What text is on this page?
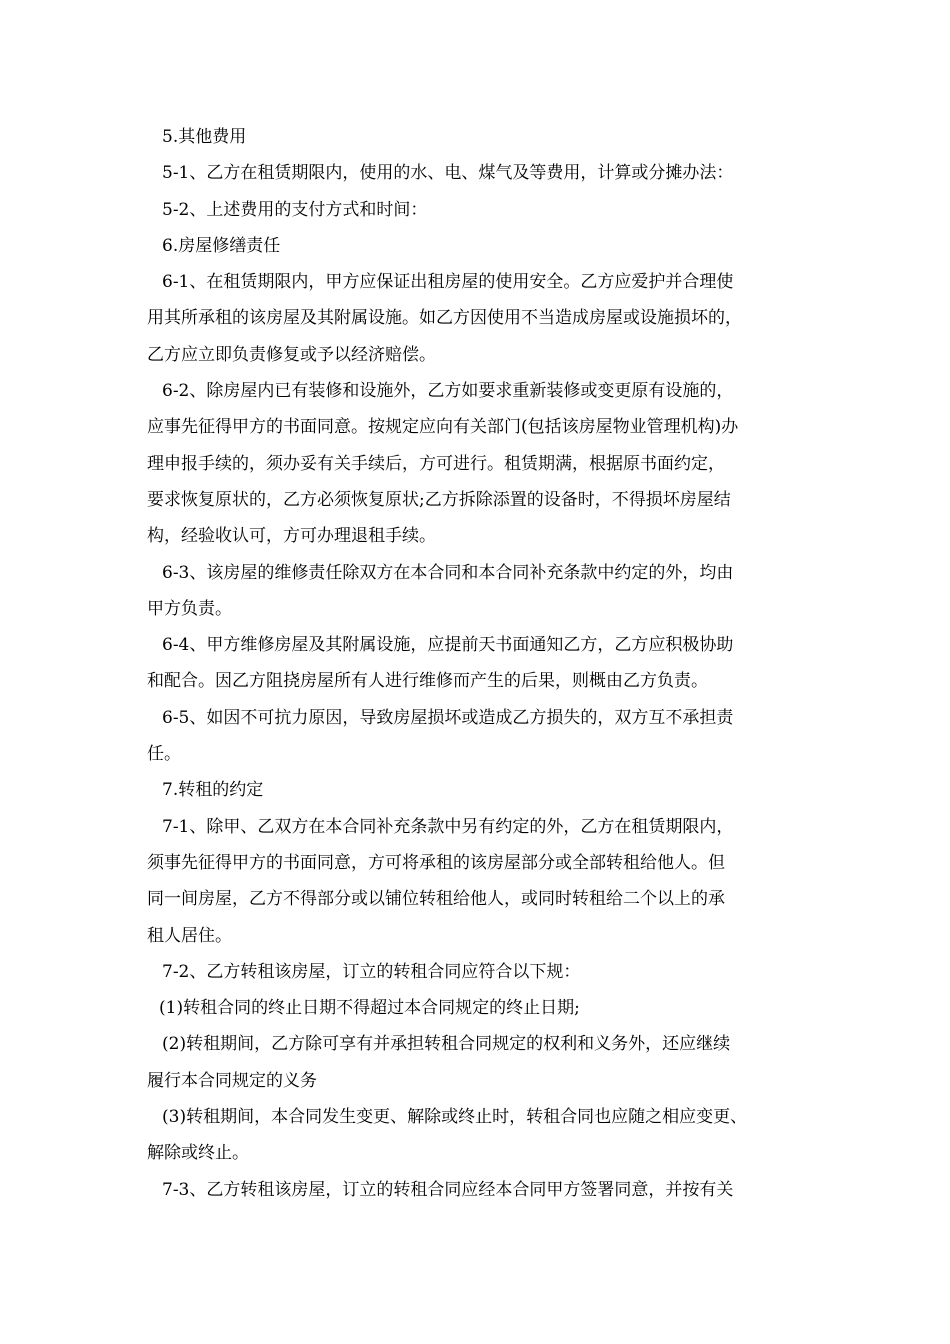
5.其他费用
5-1、乙方在租赁期限内，使用的水、电、煤气及等费用，计算或分摊办法：
5-2、上述费用的支付方式和时间：
6.房屋修缮责任
6-1、在租赁期限内，甲方应保证出租房屋的使用安全。乙方应爱护并合理使
用其所承租的该房屋及其附属设施。如乙方因使用不当造成房屋或设施损坏的，
乙方应立即负责修复或予以经济赔偿。
6-2、除房屋内已有装修和设施外，乙方如要求重新装修或变更原有设施的，
应事先征得甲方的书面同意。按规定应向有关部门(包括该房屋物业管理机构)办
理申报手续的，须办妥有关手续后，方可进行。租赁期满，根据原书面约定，
要求恢复原状的，乙方必须恢复原状;乙方拆除添置的设备时，不得损坏房屋结
构，经验收认可，方可办理退租手续。
6-3、该房屋的维修责任除双方在本合同和本合同补充条款中约定的外，均由
甲方负责。
6-4、甲方维修房屋及其附属设施，应提前天书面通知乙方，乙方应积极协助
和配合。因乙方阻挠房屋所有人进行维修而产生的后果，则概由乙方负责。
6-5、如因不可抗力原因，导致房屋损坏或造成乙方损失的，双方互不承担责
任。
7.转租的约定
7-1、除甲、乙双方在本合同补充条款中另有约定的外，乙方在租赁期限内，
须事先征得甲方的书面同意，方可将承租的该房屋部分或全部转租给他人。但
同一间房屋，乙方不得部分或以铺位转租给他人，或同时转租给二个以上的承
租人居住。
7-2、乙方转租该房屋，订立的转租合同应符合以下规：
(1)转租合同的终止日期不得超过本合同规定的终止日期;
(2)转租期间，乙方除可享有并承担转租合同规定的权利和义务外，还应继续
履行本合同规定的义务
(3)转租期间，本合同发生变更、解除或终止时，转租合同也应随之相应变更、
解除或终止。
7-3、乙方转租该房屋，订立的转租合同应经本合同甲方签署同意，并按有关
